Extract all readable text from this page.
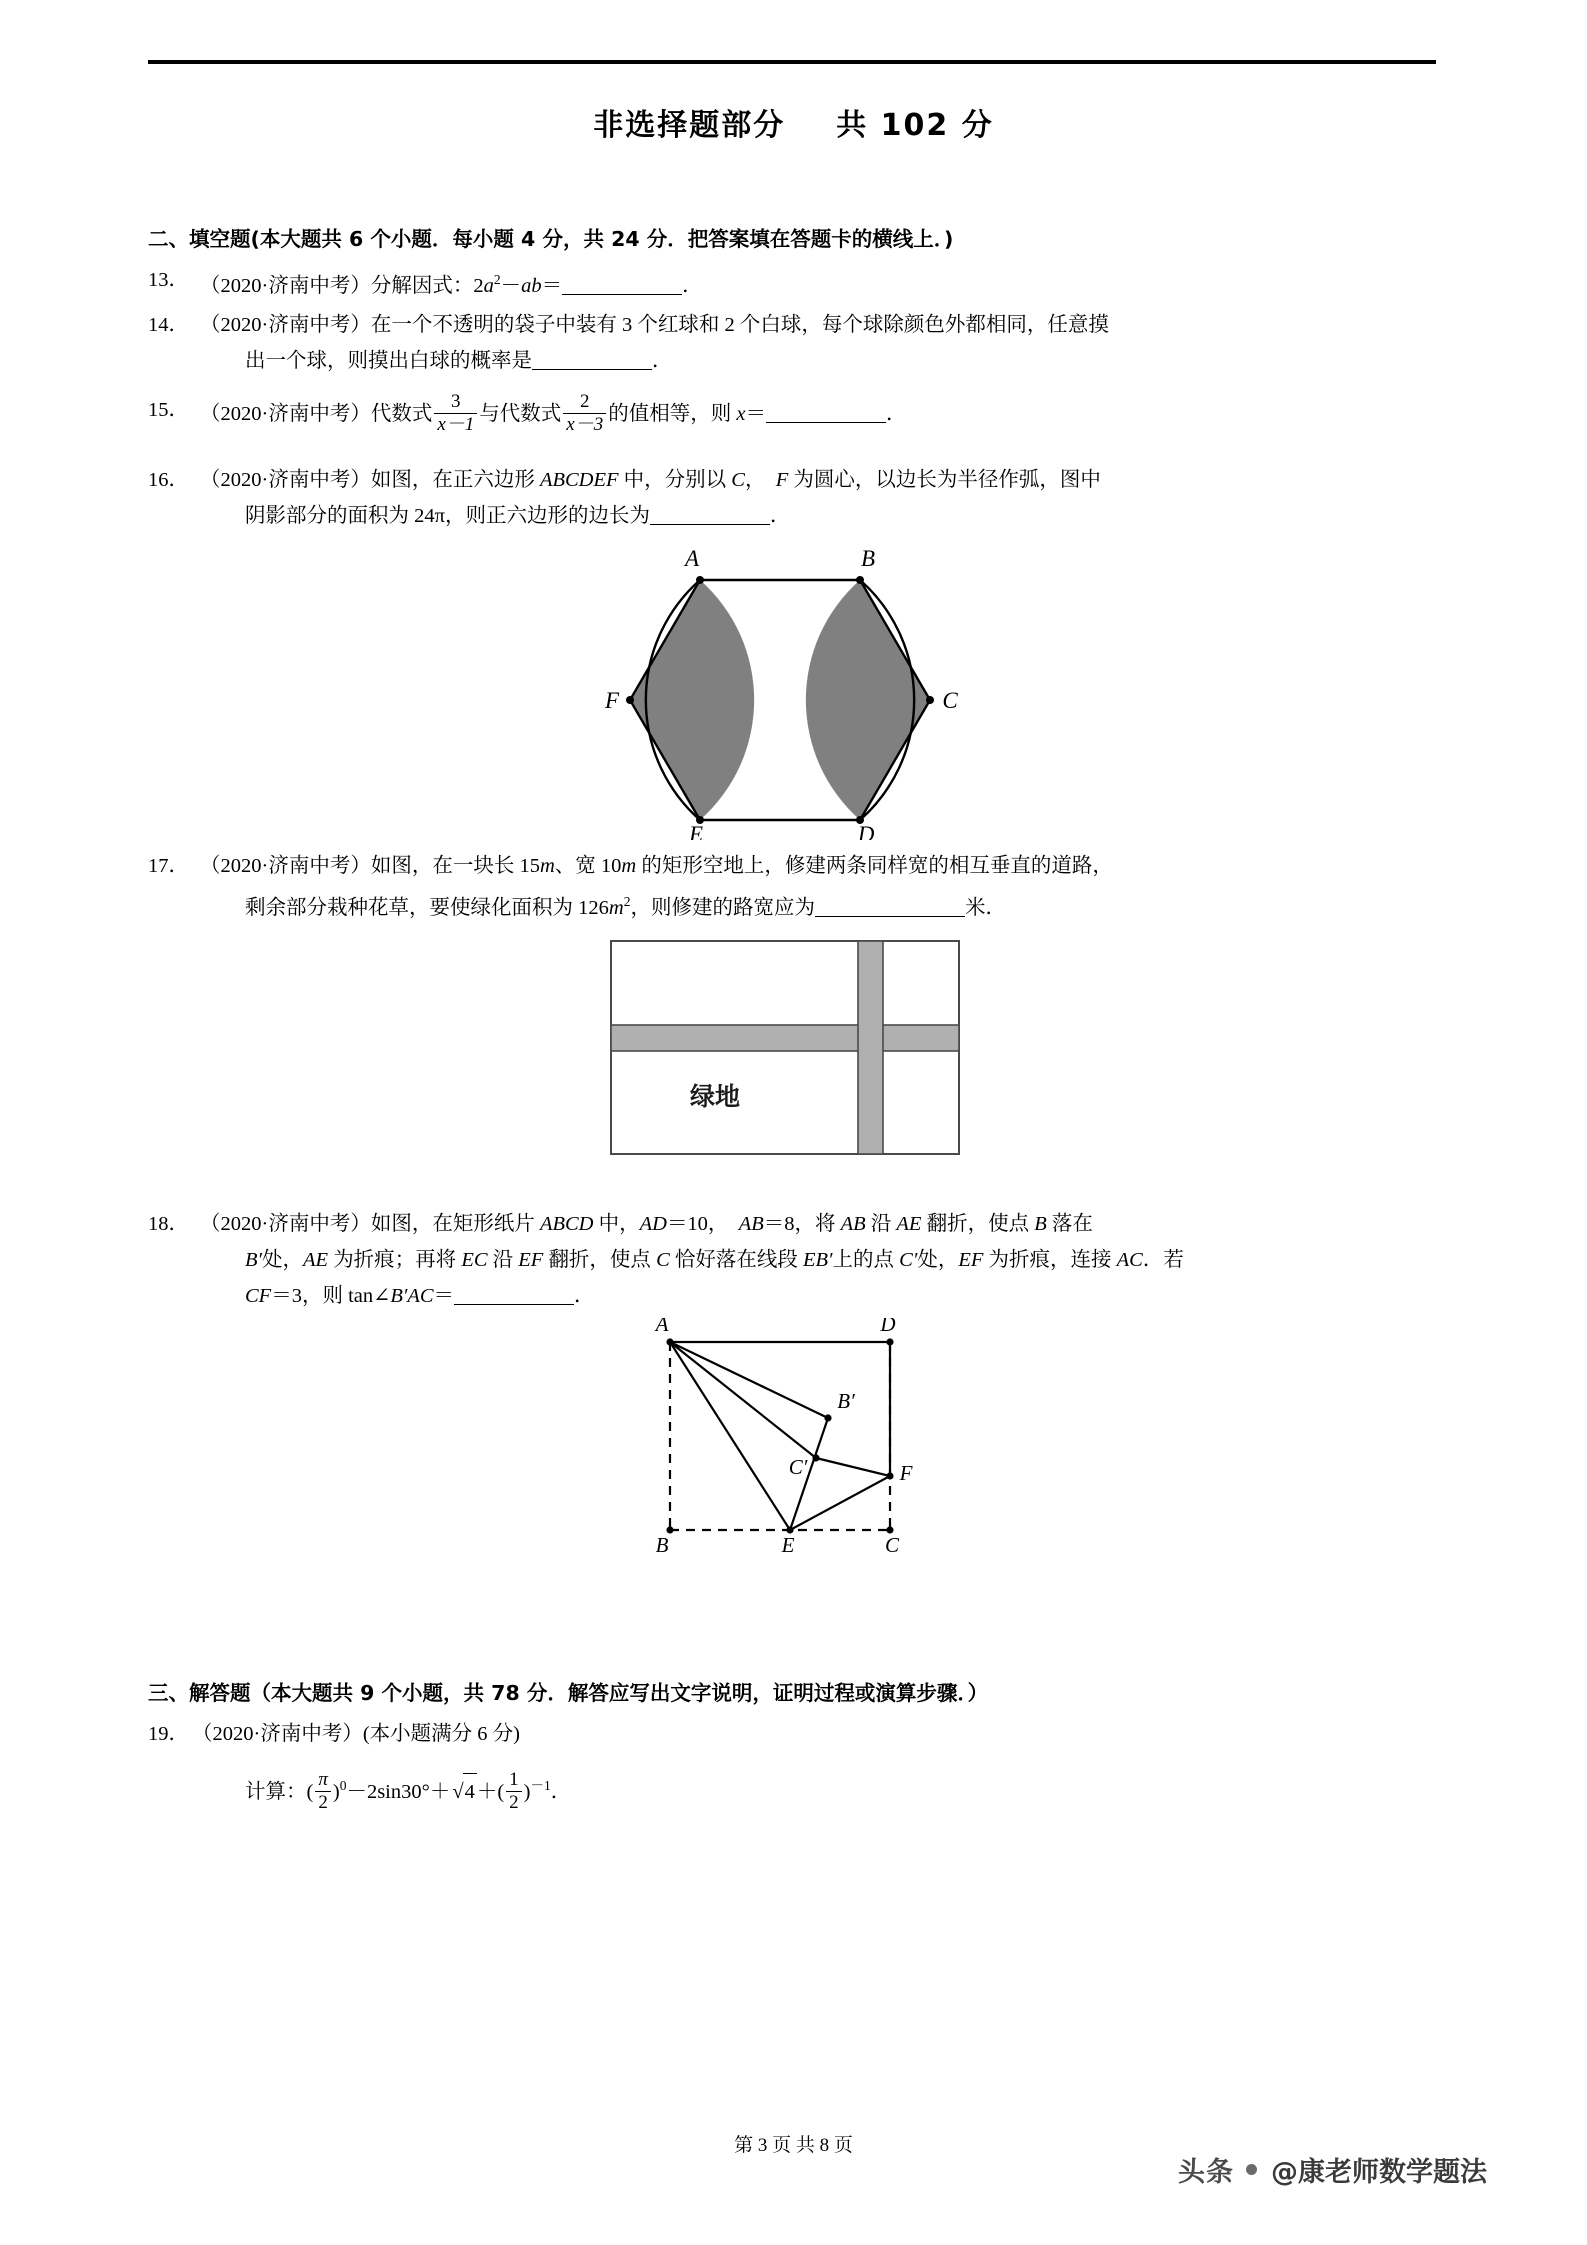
非选择题部分 共 102 分
二、填空题(本大题共 6 个小题．每小题 4 分，共 24 分．把答案填在答题卡的横线上．)
13． （2020·济南中考）分解因式：$2a^2-ab=$	．
14． （2020·济南中考）在一个不透明的袋子中装有 3 个红球和 2 个白球，每个球除颜色外都相同，任意摸
出一个球，则摸出白球的概率是	．
15． （2020·济南中考）代数式 $\frac{3}{x-1}$ 与代数式 $\frac{2}{x-3}$ 的值相等，则 x＝	．
16． （2020·济南中考）如图，在正六边形 ABCDEF 中，分别以 C，　F 为圆心，以边长为半径作弧，图中
阴影部分的面积为 24π，则正六边形的边长为	．
A	B
C
D
E
F
17． （2020·济南中考）如图，在一块长 15m、宽 10m 的矩形空地上，修建两条同样宽的相互垂直的道路，
剩余部分栽种花草，要使绿化面积为 $126m^2$，则修建的路宽应为	米．
绿地
18． （2020·济南中考）如图，在矩形纸片 ABCD 中，AD＝10，　AB＝8，将 AB 沿 AE 翻折，使点 B 落在
B′处，AE 为折痕；再将 EC 沿 EF 翻折，使点 C 恰好落在线段 EB′上的点 C′处，EF 为折痕，连接 AC．若
CF＝3，则 tan∠B′AC＝	．
A	D
B′
C′	F
B	E	C
三、解答题（本大题共 9 个小题，共 78 分．解答应写出文字说明，证明过程或演算步骤．）
19． （2020·济南中考）(本小题满分 6 分)
计算：( $\frac{\pi}{2} )^0-2\sin 30^\circ+√4+( \frac{1}{2} )^{-1}$．
第 3 页 共 8 页
头条 @康老师数学题法
